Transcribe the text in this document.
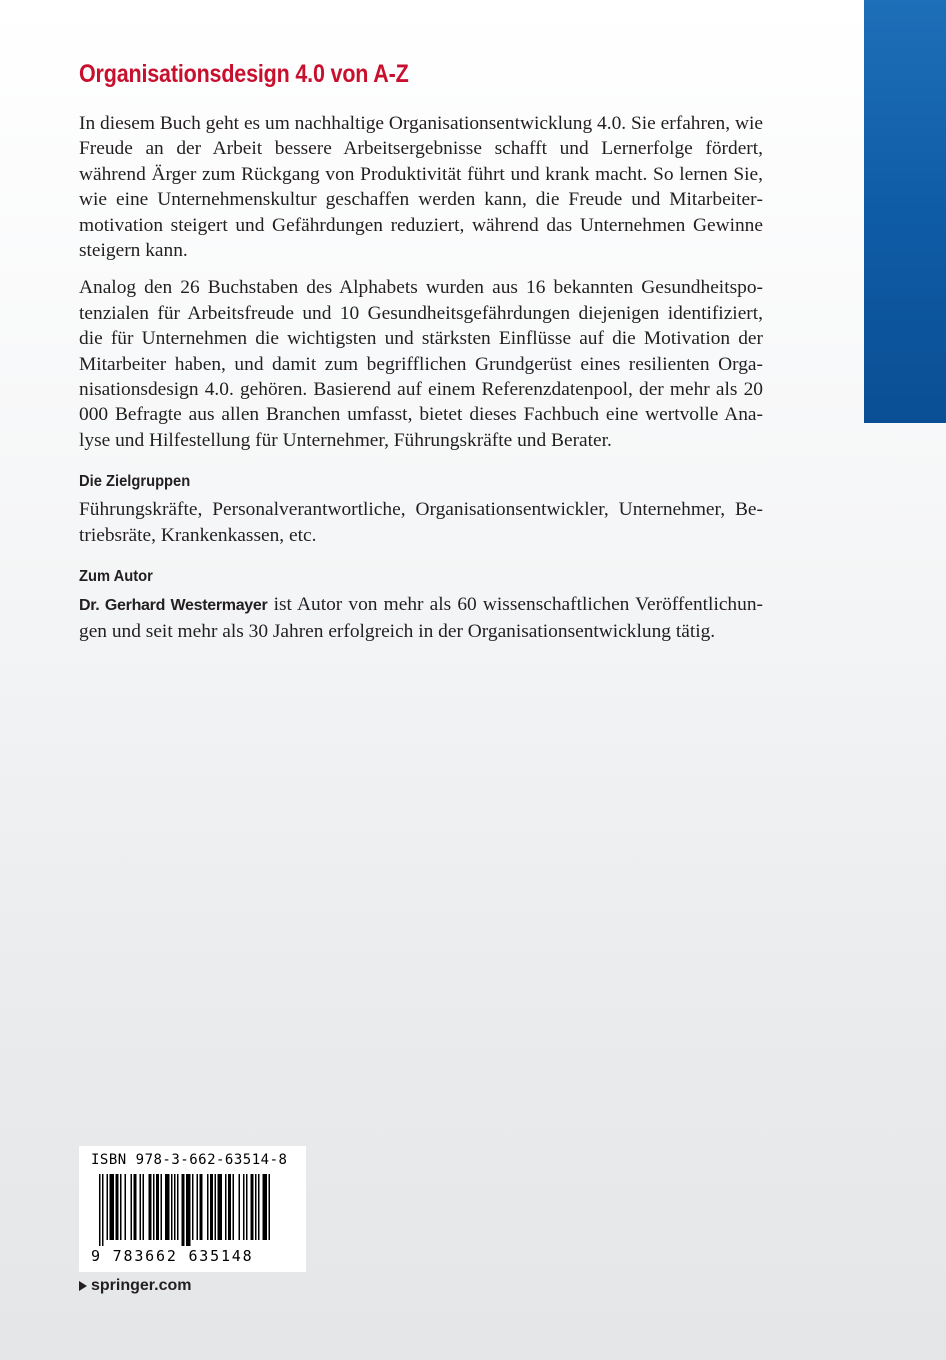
Organisationsdesign 4.0 von A-Z

In diesem Buch geht es um nachhaltige Organisationsentwicklung 4.0. Sie erfahren, wie Freude an der Arbeit bessere Arbeitsergebnisse schafft und Lernerfolge fördert, während Ärger zum Rückgang von Produktivität führt und krank macht. So lernen Sie, wie eine Unternehmenskultur geschaffen werden kann, die Freude und Mitarbeitermotivation steigert und Gefährdungen reduziert, während das Unternehmen Gewinne steigern kann.

Analog den 26 Buchstaben des Alphabets wurden aus 16 bekannten Gesundheitspotenzialen für Arbeitsfreude und 10 Gesundheitsgefährdungen diejenigen identifiziert, die für Unternehmen die wichtigsten und stärksten Einflüsse auf die Motivation der Mitarbeiter haben, und damit zum begrifflichen Grundgerüst eines resilienten Organisationsdesign 4.0. gehören. Basierend auf einem Referenzdatenpool, der mehr als 20 000 Befragte aus allen Branchen umfasst, bietet dieses Fachbuch eine wertvolle Analyse und Hilfestellung für Unternehmer, Führungskräfte und Berater.

Die Zielgruppen

Führungskräfte, Personalverantwortliche, Organisationsentwickler, Unternehmer, Betriebsräte, Krankenkassen, etc.

Zum Autor

Dr. Gerhard Westermayer ist Autor von mehr als 60 wissenschaftlichen Veröffentlichungen und seit mehr als 30 Jahren erfolgreich in der Organisationsentwicklung tätig.

ISBN 978-3-662-63514-8
9 783662 635148
springer.com
